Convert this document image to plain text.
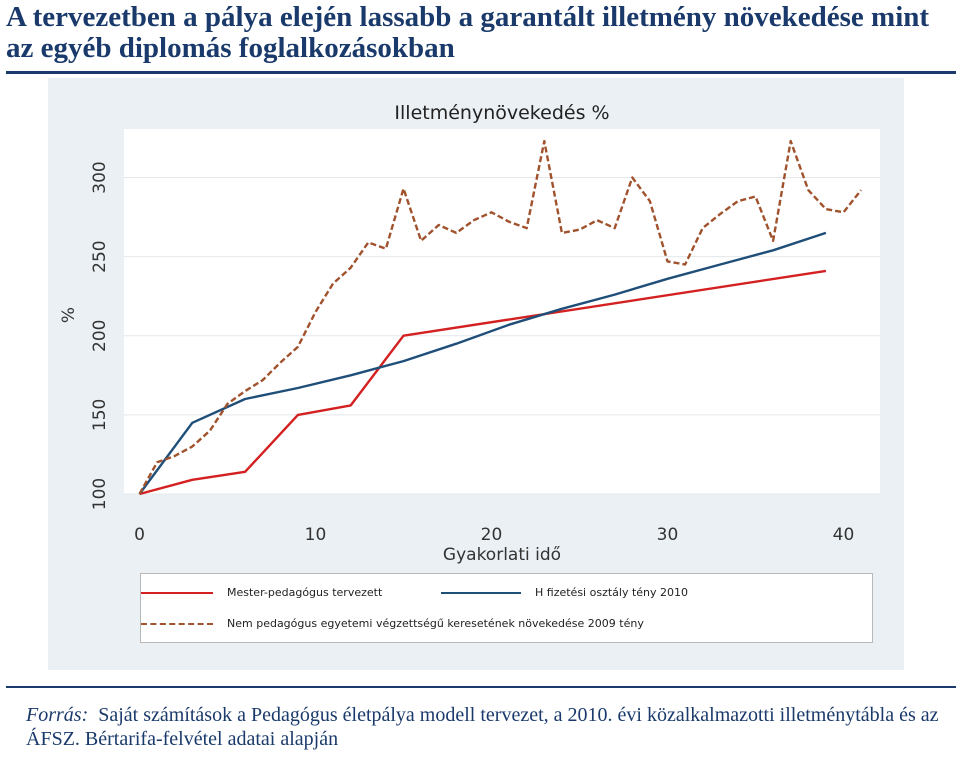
A tervezetben a pálya elején lassabb a garantált illetmény növekedése mint az egyéb diplomás foglalkozásokban
100
150
200
250
300
0	10	20	30	40
Illetménynövekedés %
Gyakorlati idő
%
Mester-pedagógus tervezett	H fizetési osztály tény 2010
Nem pedagógus egyetemi végzettségű keresetének növekedése 2009 tény
Forrás: Saját számítások a Pedagógus életpálya modell tervezet, a 2010. évi közalkalmazotti illetménytábla és az ÁFSZ. Bértarifa-felvétel adatai alapján
